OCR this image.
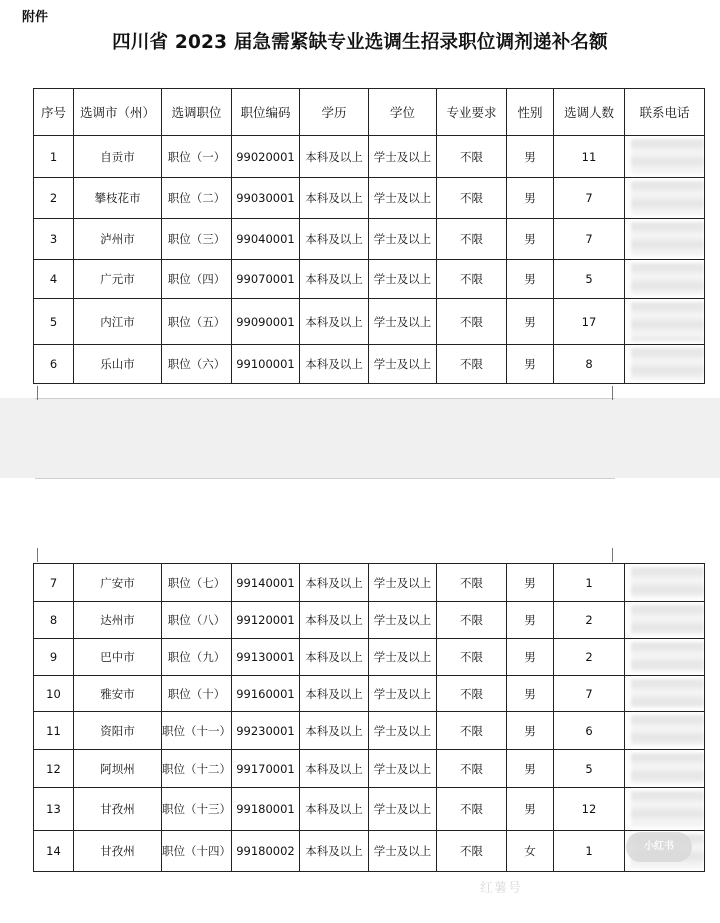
附件
四川省 2023 届急需紧缺专业选调生招录职位调剂递补名额
序号	选调市（州）	选调职位	职位编码	学历	学位	专业要求	性别	选调人数	联系电话
1	自贡市	职位（一）	99020001	本科及以上	学士及以上	不限	男	11	

2	攀枝花市	职位（二）	99030001	本科及以上	学士及以上	不限	男	7	

3	泸州市	职位（三）	99040001	本科及以上	学士及以上	不限	男	7	

4	广元市	职位（四）	99070001	本科及以上	学士及以上	不限	男	5	

5	内江市	职位（五）	99090001	本科及以上	学士及以上	不限	男	17	

6	乐山市	职位（六）	99100001	本科及以上	学士及以上	不限	男	8	
7	广安市	职位（七）	99140001	本科及以上	学士及以上	不限	男	1	

8	达州市	职位（八）	99120001	本科及以上	学士及以上	不限	男	2	

9	巴中市	职位（九）	99130001	本科及以上	学士及以上	不限	男	2	

10	雅安市	职位（十）	99160001	本科及以上	学士及以上	不限	男	7	

11	资阳市	职位（十一）	99230001	本科及以上	学士及以上	不限	男	6	

12	阿坝州	职位（十二）	99170001	本科及以上	学士及以上	不限	男	5	

13	甘孜州	职位（十三）	99180001	本科及以上	学士及以上	不限	男	12	

14	甘孜州	职位（十四）	99180002	本科及以上	学士及以上	不限	女	1		小红书
红薯号
